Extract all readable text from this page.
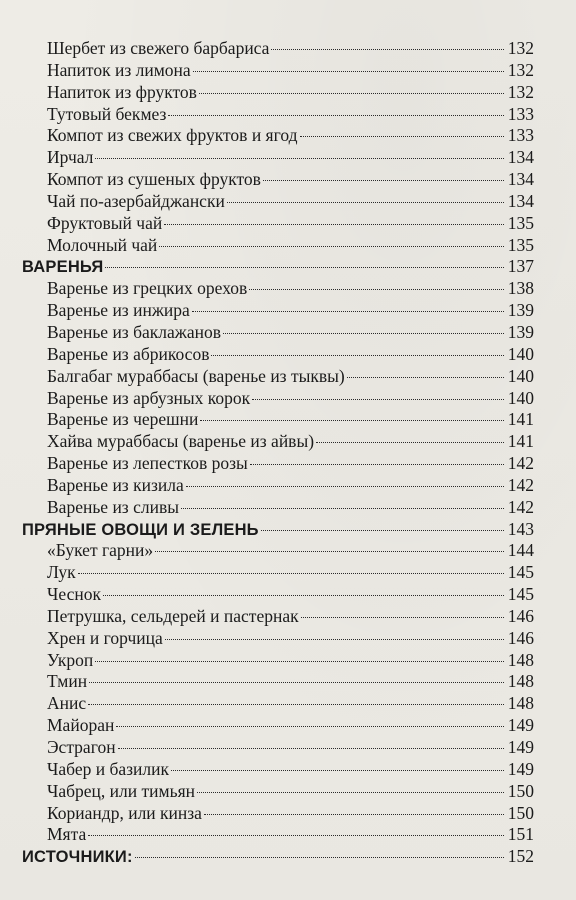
Шербет из свежего барбариса	132
Напиток из лимона	132
Напиток из фруктов	132
Тутовый бекмез	133
Компот из свежих фруктов и ягод	133
Ирчал	134
Компот из сушеных фруктов	134
Чай по-азербайджански	134
Фруктовый чай	135
Молочный чай	135
ВАРЕНЬЯ	137
Варенье из грецких орехов	138
Варенье из инжира	139
Варенье из баклажанов	139
Варенье из абрикосов	140
Балгабаг мураббасы (варенье из тыквы)	140
Варенье из арбузных корок	140
Варенье из черешни	141
Хайва мураббасы (варенье из айвы)	141
Варенье из лепестков розы	142
Варенье из кизила	142
Варенье из сливы	142
ПРЯНЫЕ ОВОЩИ И ЗЕЛЕНЬ	143
«Букет гарни»	144
Лук	145
Чеснок	145
Петрушка, сельдерей и пастернак	146
Хрен и горчица	146
Укроп	148
Тмин	148
Анис	148
Майоран	149
Эстрагон	149
Чабер и базилик	149
Чабрец, или тимьян	150
Кориандр, или кинза	150
Мята	151
ИСТОЧНИКИ:	152
